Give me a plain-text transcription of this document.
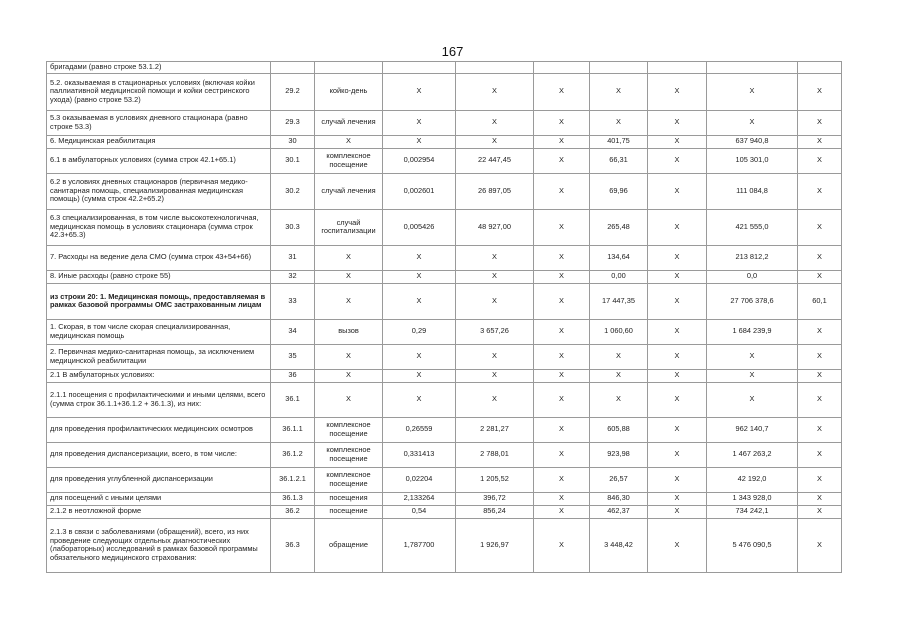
167
бригадами (равно строке 53.1.2)									
5.2. оказываемая в стационарных условиях (включая койки паллиативной медицинской помощи и койки сестринского ухода) (равно строке 53.2)	29.2	койко-день	X	X	X	X	X	X	X
5.3 оказываемая в условиях дневного стационара (равно строке 53.3)	29.3	случай лечения	X	X	X	X	X	X	X
6. Медицинская реабилитация	30	X	X	X	X	401,75	X	637 940,8	X
6.1 в амбулаторных условиях (сумма строк 42.1+65.1)	30.1	комплексное посещение	0,002954	22 447,45	X	66,31	X	105 301,0	X
6.2 в условиях дневных стационаров (первичная медико-санитарная помощь, специализированная медицинская помощь) (сумма строк 42.2+65.2)	30.2	случай лечения	0,002601	26 897,05	X	69,96	X	111 084,8	X
6.3 специализированная, в том числе высокотехнологичная, медицинская помощь в условиях стационара (сумма строк 42.3+65.3)	30.3	случай госпитализации	0,005426	48 927,00	X	265,48	X	421 555,0	X
7. Расходы на ведение дела СМО (сумма строк 43+54+66)	31	X	X	X	X	134,64	X	213 812,2	X
8. Иные расходы (равно строке 55)	32	X	X	X	X	0,00	X	0,0	X
из строки 20: 1. Медицинская помощь, предоставляемая в рамках базовой программы ОМС застрахованным лицам	33	X	X	X	X	17 447,35	X	27 706 378,6	60,1
1. Скорая, в том числе скорая специализированная, медицинская помощь	34	вызов	0,29	3 657,26	X	1 060,60	X	1 684 239,9	X
2. Первичная медико-санитарная помощь, за исключением медицинской реабилитации	35	X	X	X	X	X	X	X	X
2.1 В амбулаторных условиях:	36	X	X	X	X	X	X	X	X
2.1.1 посещения с профилактическими и иными целями, всего (сумма строк 36.1.1+36.1.2 + 36.1.3), из них:	36.1	X	X	X	X	X	X	X	X
для проведения профилактических медицинских осмотров	36.1.1	комплексное посещение	0,26559	2 281,27	X	605,88	X	962 140,7	X
для проведения диспансеризации, всего, в том числе:	36.1.2	комплексное посещение	0,331413	2 788,01	X	923,98	X	1 467 263,2	X
для проведения углубленной диспансеризации	36.1.2.1	комплексное посещение	0,02204	1 205,52	X	26,57	X	42 192,0	X
для посещений с иными целями	36.1.3	посещения	2,133264	396,72	X	846,30	X	1 343 928,0	X
2.1.2 в неотложной форме	36.2	посещение	0,54	856,24	X	462,37	X	734 242,1	X
2.1.3 в связи с заболеваниями (обращений), всего, из них проведение следующих отдельных диагностических (лабораторных) исследований в рамках базовой программы обязательного медицинского страхования:	36.3	обращение	1,787700	1 926,97	X	3 448,42	X	5 476 090,5	X
